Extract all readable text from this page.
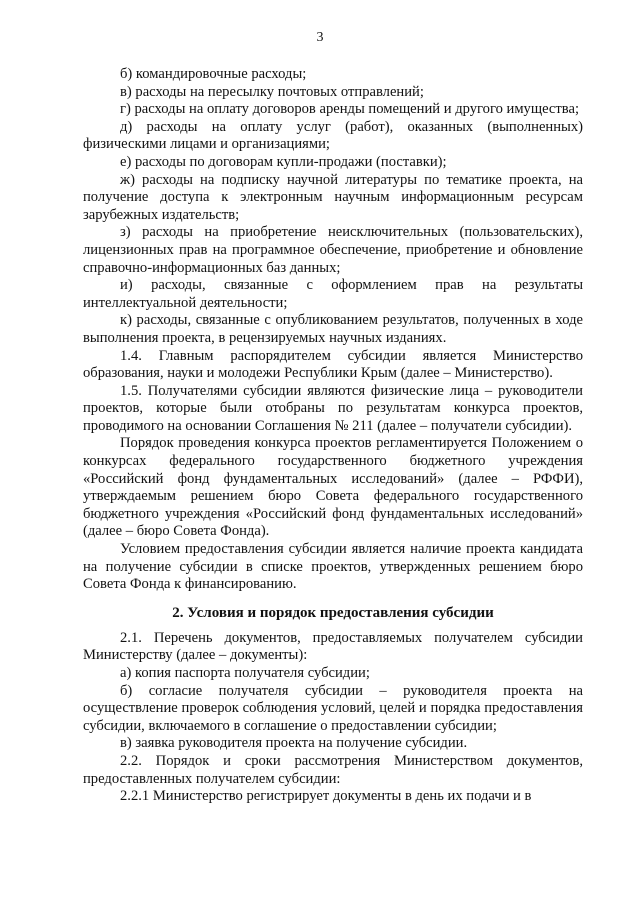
3

б) командировочные расходы;

в) расходы на пересылку почтовых отправлений;

г) расходы на оплату договоров аренды помещений и другого имущества;

д) расходы на оплату услуг (работ), оказанных (выполненных) физическими лицами и организациями;

е) расходы по договорам купли-продажи (поставки);

ж) расходы на подписку научной литературы по тематике проекта, на получение доступа к электронным научным информационным ресурсам зарубежных издательств;

з) расходы на приобретение неисключительных (пользовательских), лицензионных прав на программное обеспечение, приобретение и обновление справочно-информационных баз данных;

и) расходы, связанные с оформлением прав на результаты интеллектуальной деятельности;

к) расходы, связанные с опубликованием результатов, полученных в ходе выполнения проекта, в рецензируемых научных изданиях.

1.4. Главным распорядителем субсидии является Министерство образования, науки и молодежи Республики Крым (далее – Министерство).

1.5. Получателями субсидии являются физические лица – руководители проектов, которые были отобраны по результатам конкурса проектов, проводимого на основании Соглашения № 211 (далее – получатели субсидии).

Порядок проведения конкурса проектов регламентируется Положением о конкурсах федерального государственного бюджетного учреждения «Российский фонд фундаментальных исследований» (далее – РФФИ), утверждаемым решением бюро Совета федерального государственного бюджетного учреждения «Российский фонд фундаментальных исследований» (далее – бюро Совета Фонда).

Условием предоставления субсидии является наличие проекта кандидата на получение субсидии в списке проектов, утвержденных решением бюро Совета Фонда к финансированию.

2. Условия и порядок предоставления субсидии

2.1. Перечень документов, предоставляемых получателем субсидии Министерству (далее – документы):

а) копия паспорта получателя субсидии;

б) согласие получателя субсидии – руководителя проекта на осуществление проверок соблюдения условий, целей и порядка предоставления субсидии, включаемого в соглашение о предоставлении субсидии;

в) заявка руководителя проекта на получение субсидии.

2.2. Порядок и сроки рассмотрения Министерством документов, предоставленных получателем субсидии:

2.2.1 Министерство регистрирует документы в день их подачи и в
